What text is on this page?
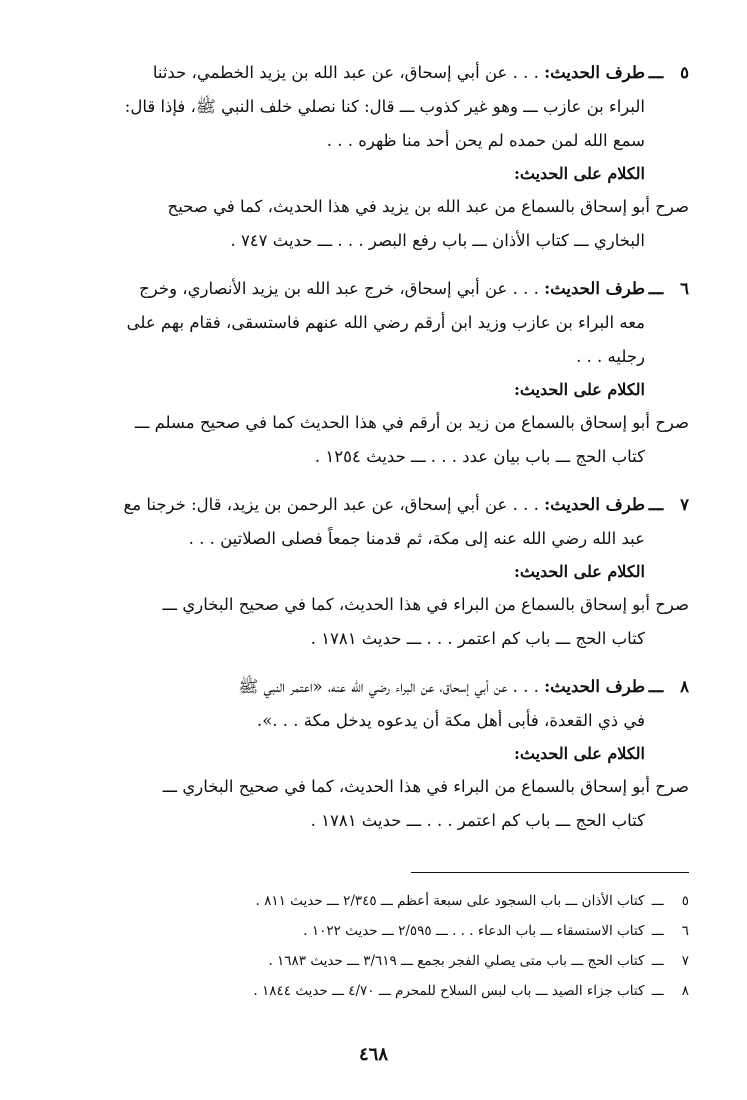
٥
ـــ
طرف الحديث:
. . . عن أبي إسحاق، عن عبد الله بن يزيد الخطمي، حدثنا
البراء بن عازب ـــ وهو غير كذوب ـــ قال: كنا نصلي خلف النبي ﷺ، فإذا قال:
سمع الله لمن حمده لم يحن أحد منا ظهره . . .
الكلام على الحديث:
صرح أبو إسحاق بالسماع من عبد الله بن يزيد في هذا الحديث، كما في صحيح
البخاري ـــ كتاب الأذان ـــ باب رفع البصر . . . ـــ حديث ٧٤٧ .
٦
ـــ
طرف الحديث:
. . . عن أبي إسحاق، خرج عبد الله بن يزيد الأنصاري، وخرج
معه البراء بن عازب وزيد ابن أرقم رضي الله عنهم فاستسقى، فقام بهم على
رجليه . . .
الكلام على الحديث:
صرح أبو إسحاق بالسماع من زيد بن أرقم في هذا الحديث كما في صحيح مسلم ـــ
كتاب الحج ـــ باب بيان عدد . . . ـــ حديث ١٢٥٤ .
٧
ـــ
طرف الحديث:
. . . عن أبي إسحاق، عن عبد الرحمن بن يزيد، قال: خرجنا مع
عبد الله رضي الله عنه إلى مكة، ثم قدمنا جمعاً فصلى الصلاتين . . .
الكلام على الحديث:
صرح أبو إسحاق بالسماع من البراء في هذا الحديث، كما في صحيح البخاري ـــ
كتاب الحج ـــ باب كم اعتمر . . . ـــ حديث ١٧٨١ .
٨
ـــ
طرف الحديث:
. . . عن أبي إسحاق، عن البراء رضي الله عنه، «اعتمر النبي ﷺ
في ذي القعدة، فأبى أهل مكة أن يدعوه يدخل مكة . . .».
الكلام على الحديث:
صرح أبو إسحاق بالسماع من البراء في هذا الحديث، كما في صحيح البخاري ـــ
كتاب الحج ـــ باب كم اعتمر . . . ـــ حديث ١٧٨١ .
٥ ـــ كتاب الأذان ـــ باب السجود على سبعة أعظم ـــ ٢/٣٤٥ ـــ حديث ٨١١ .
٦ ـــ كتاب الاستسقاء ـــ باب الدعاء . . . ـــ ٢/٥٩٥ ـــ حديث ١٠٢٢ .
٧ ـــ كتاب الحج ـــ باب متى يصلي الفجر بجمع ـــ ٣/٦١٩ ـــ حديث ١٦٨٣ .
٨ ـــ كتاب جزاء الصيد ـــ باب لبس السلاح للمحرم ـــ ٤/٧٠ ـــ حديث ١٨٤٤ .
٤٦٨
